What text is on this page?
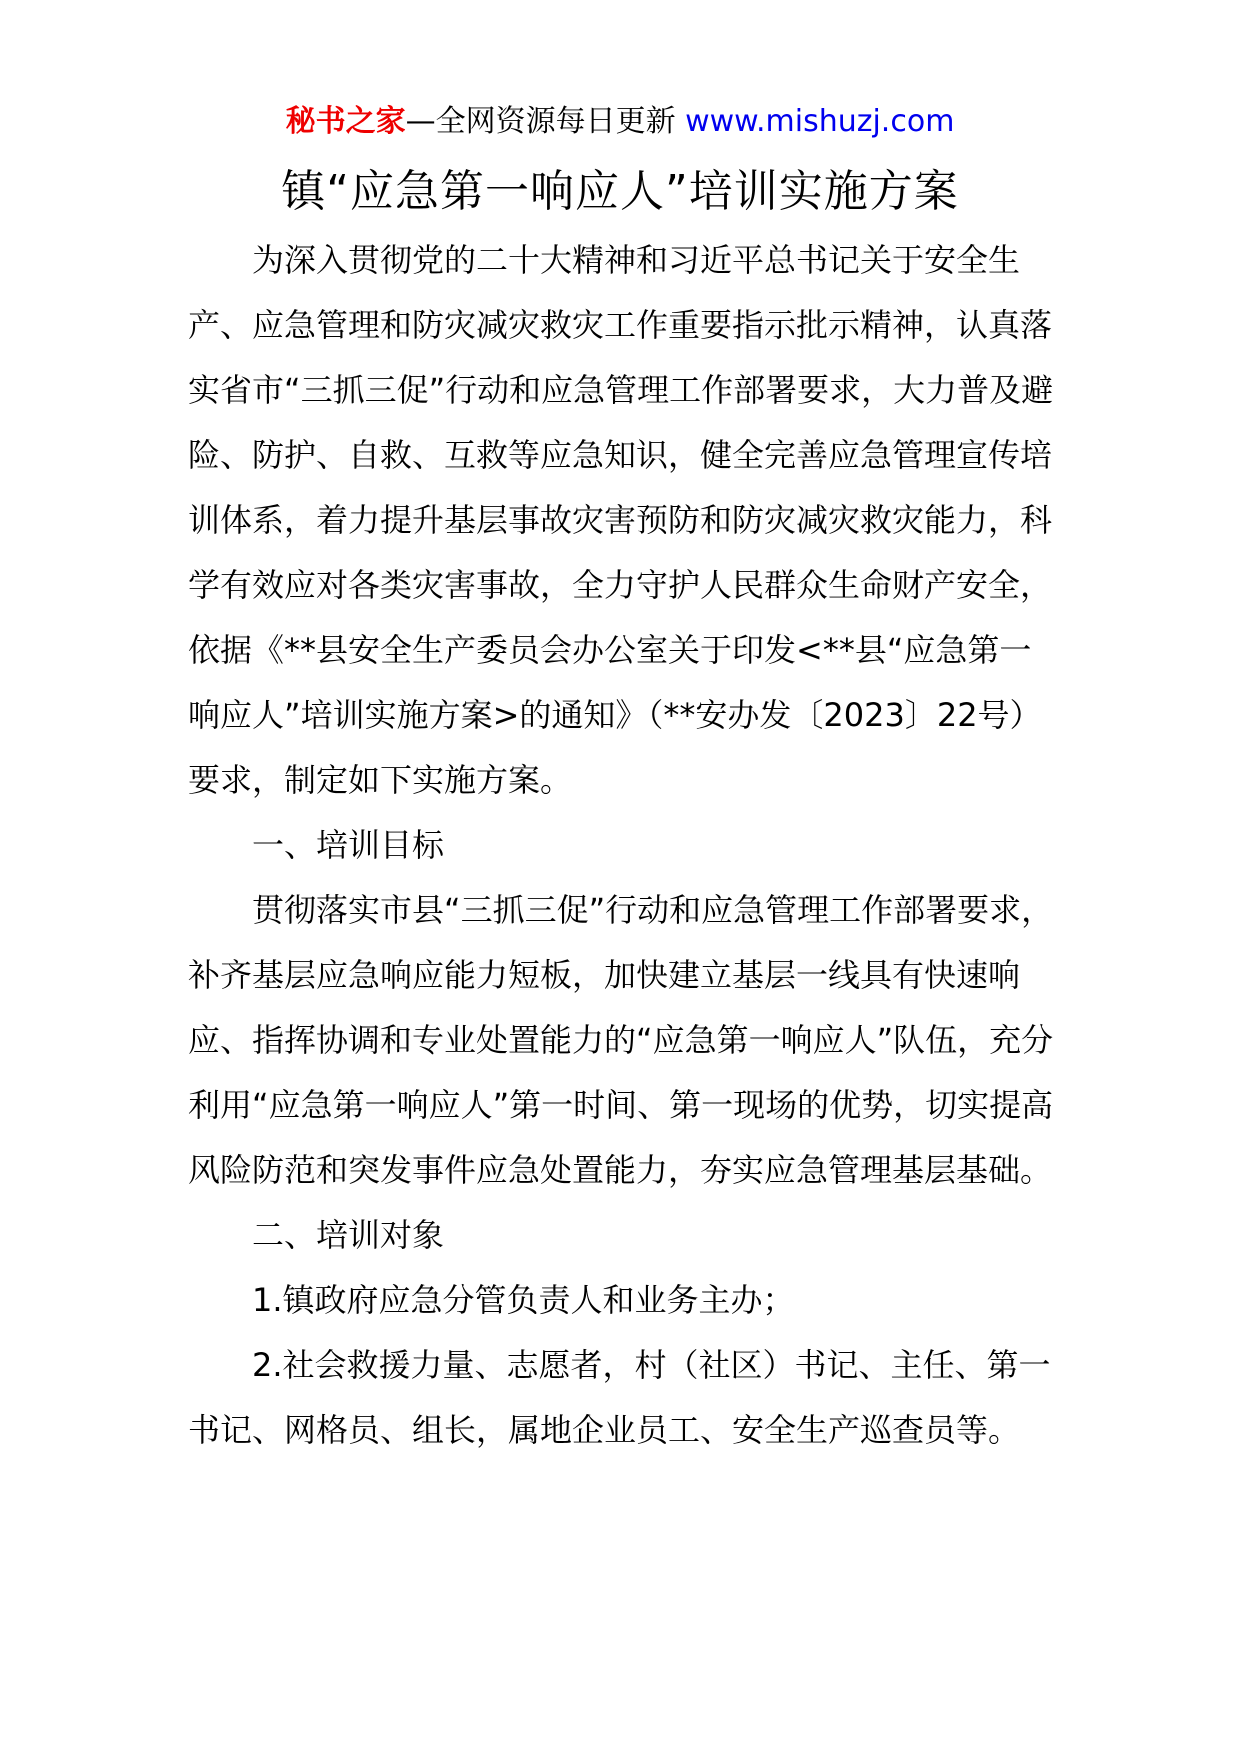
秘书之家—全网资源每日更新 www.mishuzj.com
镇“应急第一响应人”培训实施方案

为深入贯彻党的二十大精神和习近平总书记关于安全生产、应急管理和防灾减灾救灾工作重要指示批示精神，认真落实省市“三抓三促”行动和应急管理工作部署要求，大力普及避险、防护、自救、互救等应急知识，健全完善应急管理宣传培训体系，着力提升基层事故灾害预防和防灾减灾救灾能力，科学有效应对各类灾害事故，全力守护人民群众生命财产安全，依据《**县安全生产委员会办公室关于印发<**县“应急第一响应人”培训实施方案>的通知》（**安办发〔2023〕22号）要求，制定如下实施方案。

一、培训目标

贯彻落实市县“三抓三促”行动和应急管理工作部署要求，补齐基层应急响应能力短板，加快建立基层一线具有快速响应、指挥协调和专业处置能力的“应急第一响应人”队伍，充分利用“应急第一响应人”第一时间、第一现场的优势，切实提高风险防范和突发事件应急处置能力，夯实应急管理基层基础。

二、培训对象

1.镇政府应急分管负责人和业务主办；

2.社会救援力量、志愿者，村（社区）书记、主任、第一书记、网格员、组长，属地企业员工、安全生产巡查员等。
